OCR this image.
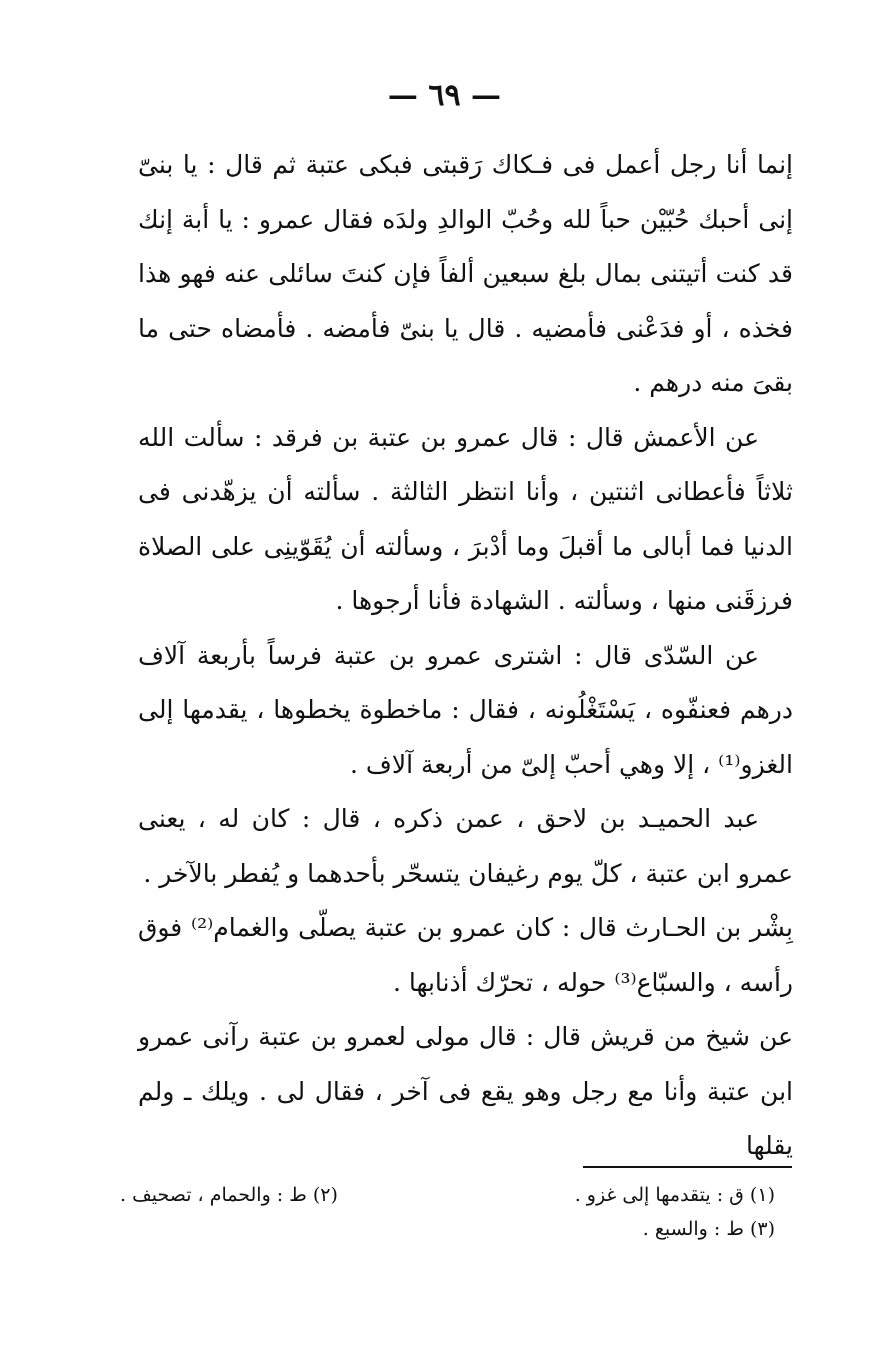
— ٦٩ —

إنما أنا رجل أعمل فى فـكاك رَقبتى فبكى عتبة ثم قال : يا بنىّ إنى أحبك حُبّيْن حباً لله وحُبّ الوالدِ ولدَه فقال عمرو : يا أبة إنك قد كنت أتيتنى بمال بلغ سبعين ألفاً فإن كنتَ سائلى عنه فهو هذا فخذه ، أو فدَعْنى فأمضيه . قال يا بنىّ فأمضه . فأمضاه حتى ما بقىَ منه درهم .

عن الأعمش قال : قال عمرو بن عتبة بن فرقد : سألت الله ثلاثاً فأعطانى اثنتين ، وأنا انتظر الثالثة . سألته أن يزهّدنى فى الدنيا فما أبالى ما أقبلَ وما أدْبرَ ، وسألته أن يُقَوّينِى على الصلاة فرزقَنى منها ، وسألته . الشهادة فأنا أرجوها .

عن السّدّى قال : اشترى عمرو بن عتبة فرساً بأربعة آلاف درهم فعنفّوه ، يَسْتَغْلُونه ، فقال : ماخطوة يخطوها ، يقدمها إلى الغزو⁽¹⁾ ، إلا وهي أحبّ إلىّ من أربعة آلاف .

عبد الحميـد بن لاحق ، عمن ذكره ، قال : كان له ، يعنى عمرو ابن عتبة ، كلّ يوم رغيفان يتسحّر بأحدهما و يُفطر بالآخر .

بِشْر بن الحـارث قال : كان عمرو بن عتبة يصلّى والغمام⁽²⁾ فوق رأسه ، والسبّاع⁽³⁾ حوله ، تحرّك أذنابها .

عن شيخ من قريش قال : قال مولى لعمرو بن عتبة رآنى عمرو ابن عتبة وأنا مع رجل وهو يقع فى آخر ، فقال لى . ويلك ـ ولم يقلها

(١) ق : يتقدمها إلى غزو .
(٢) ط : والحمام ، تصحيف .
(٣) ط : والسبع .
